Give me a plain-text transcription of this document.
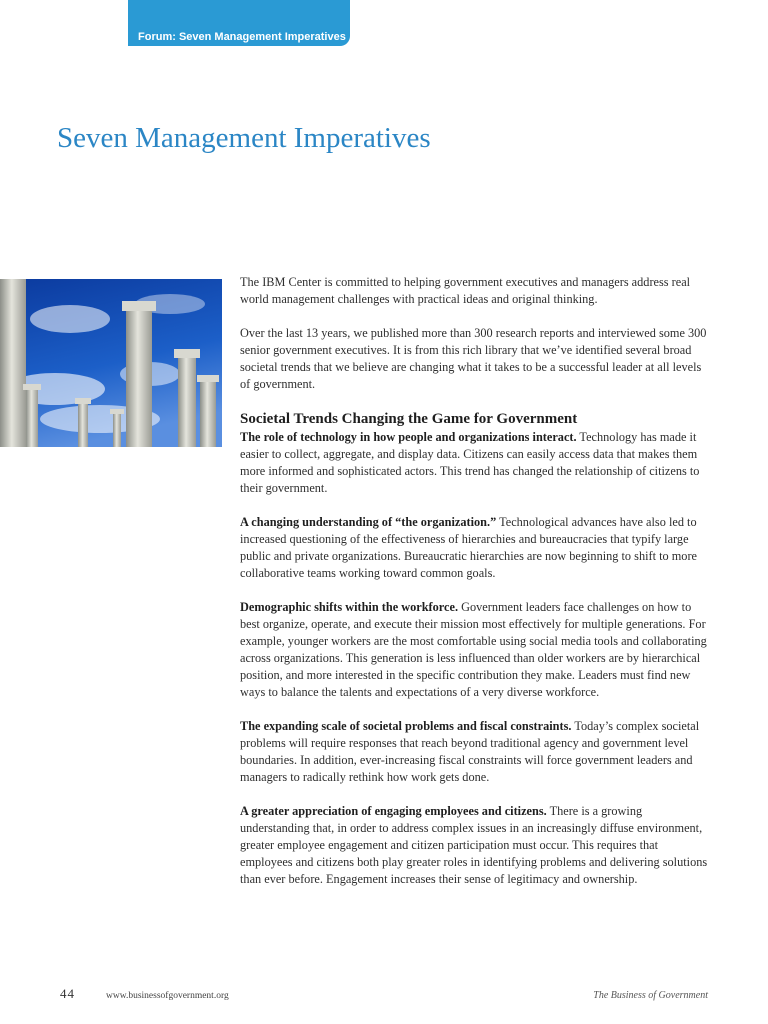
Forum: Seven Management Imperatives
Seven Management Imperatives

The IBM Center is committed to helping government executives and managers address real world management challenges with practical ideas and original thinking.

Over the last 13 years, we published more than 300 research reports and interviewed some 300 senior government executives. It is from this rich library that we’ve identified several broad societal trends that we believe are changing what it takes to be a successful leader at all levels of government.

Societal Trends Changing the Game for Government

The role of technology in how people and organizations interact. Technology has made it easier to collect, aggregate, and display data. Citizens can easily access data that makes them more informed and sophisticated actors. This trend has changed the relationship of citizens to their government.

A changing understanding of “the organization.” Technological advances have also led to increased questioning of the effectiveness of hierarchies and bureaucracies that typify large public and private organizations. Bureaucratic hierarchies are now beginning to shift to more collaborative teams working toward common goals.

Demographic shifts within the workforce. Government leaders face challenges on how to best organize, operate, and execute their mission most effectively for multiple generations. For example, younger workers are the most comfortable using social media tools and collaborating across organizations. This generation is less influenced than older workers are by hierarchical position, and more interested in the specific contribution they make. Leaders must find new ways to balance the talents and expectations of a very diverse workforce.

The expanding scale of societal problems and fiscal constraints. Today’s complex societal problems will require responses that reach beyond traditional agency and government level boundaries. In addition, ever-increasing fiscal constraints will force government leaders and managers to radically rethink how work gets done.

A greater appreciation of engaging employees and citizens. There is a growing understanding that, in order to address complex issues in an increasingly diffuse environment, greater employee engagement and citizen participation must occur. This requires that employees and citizens both play greater roles in identifying problems and delivering solutions than ever before. Engagement increases their sense of legitimacy and ownership.

44	www.businessofgovernment.org	The Business of Government
